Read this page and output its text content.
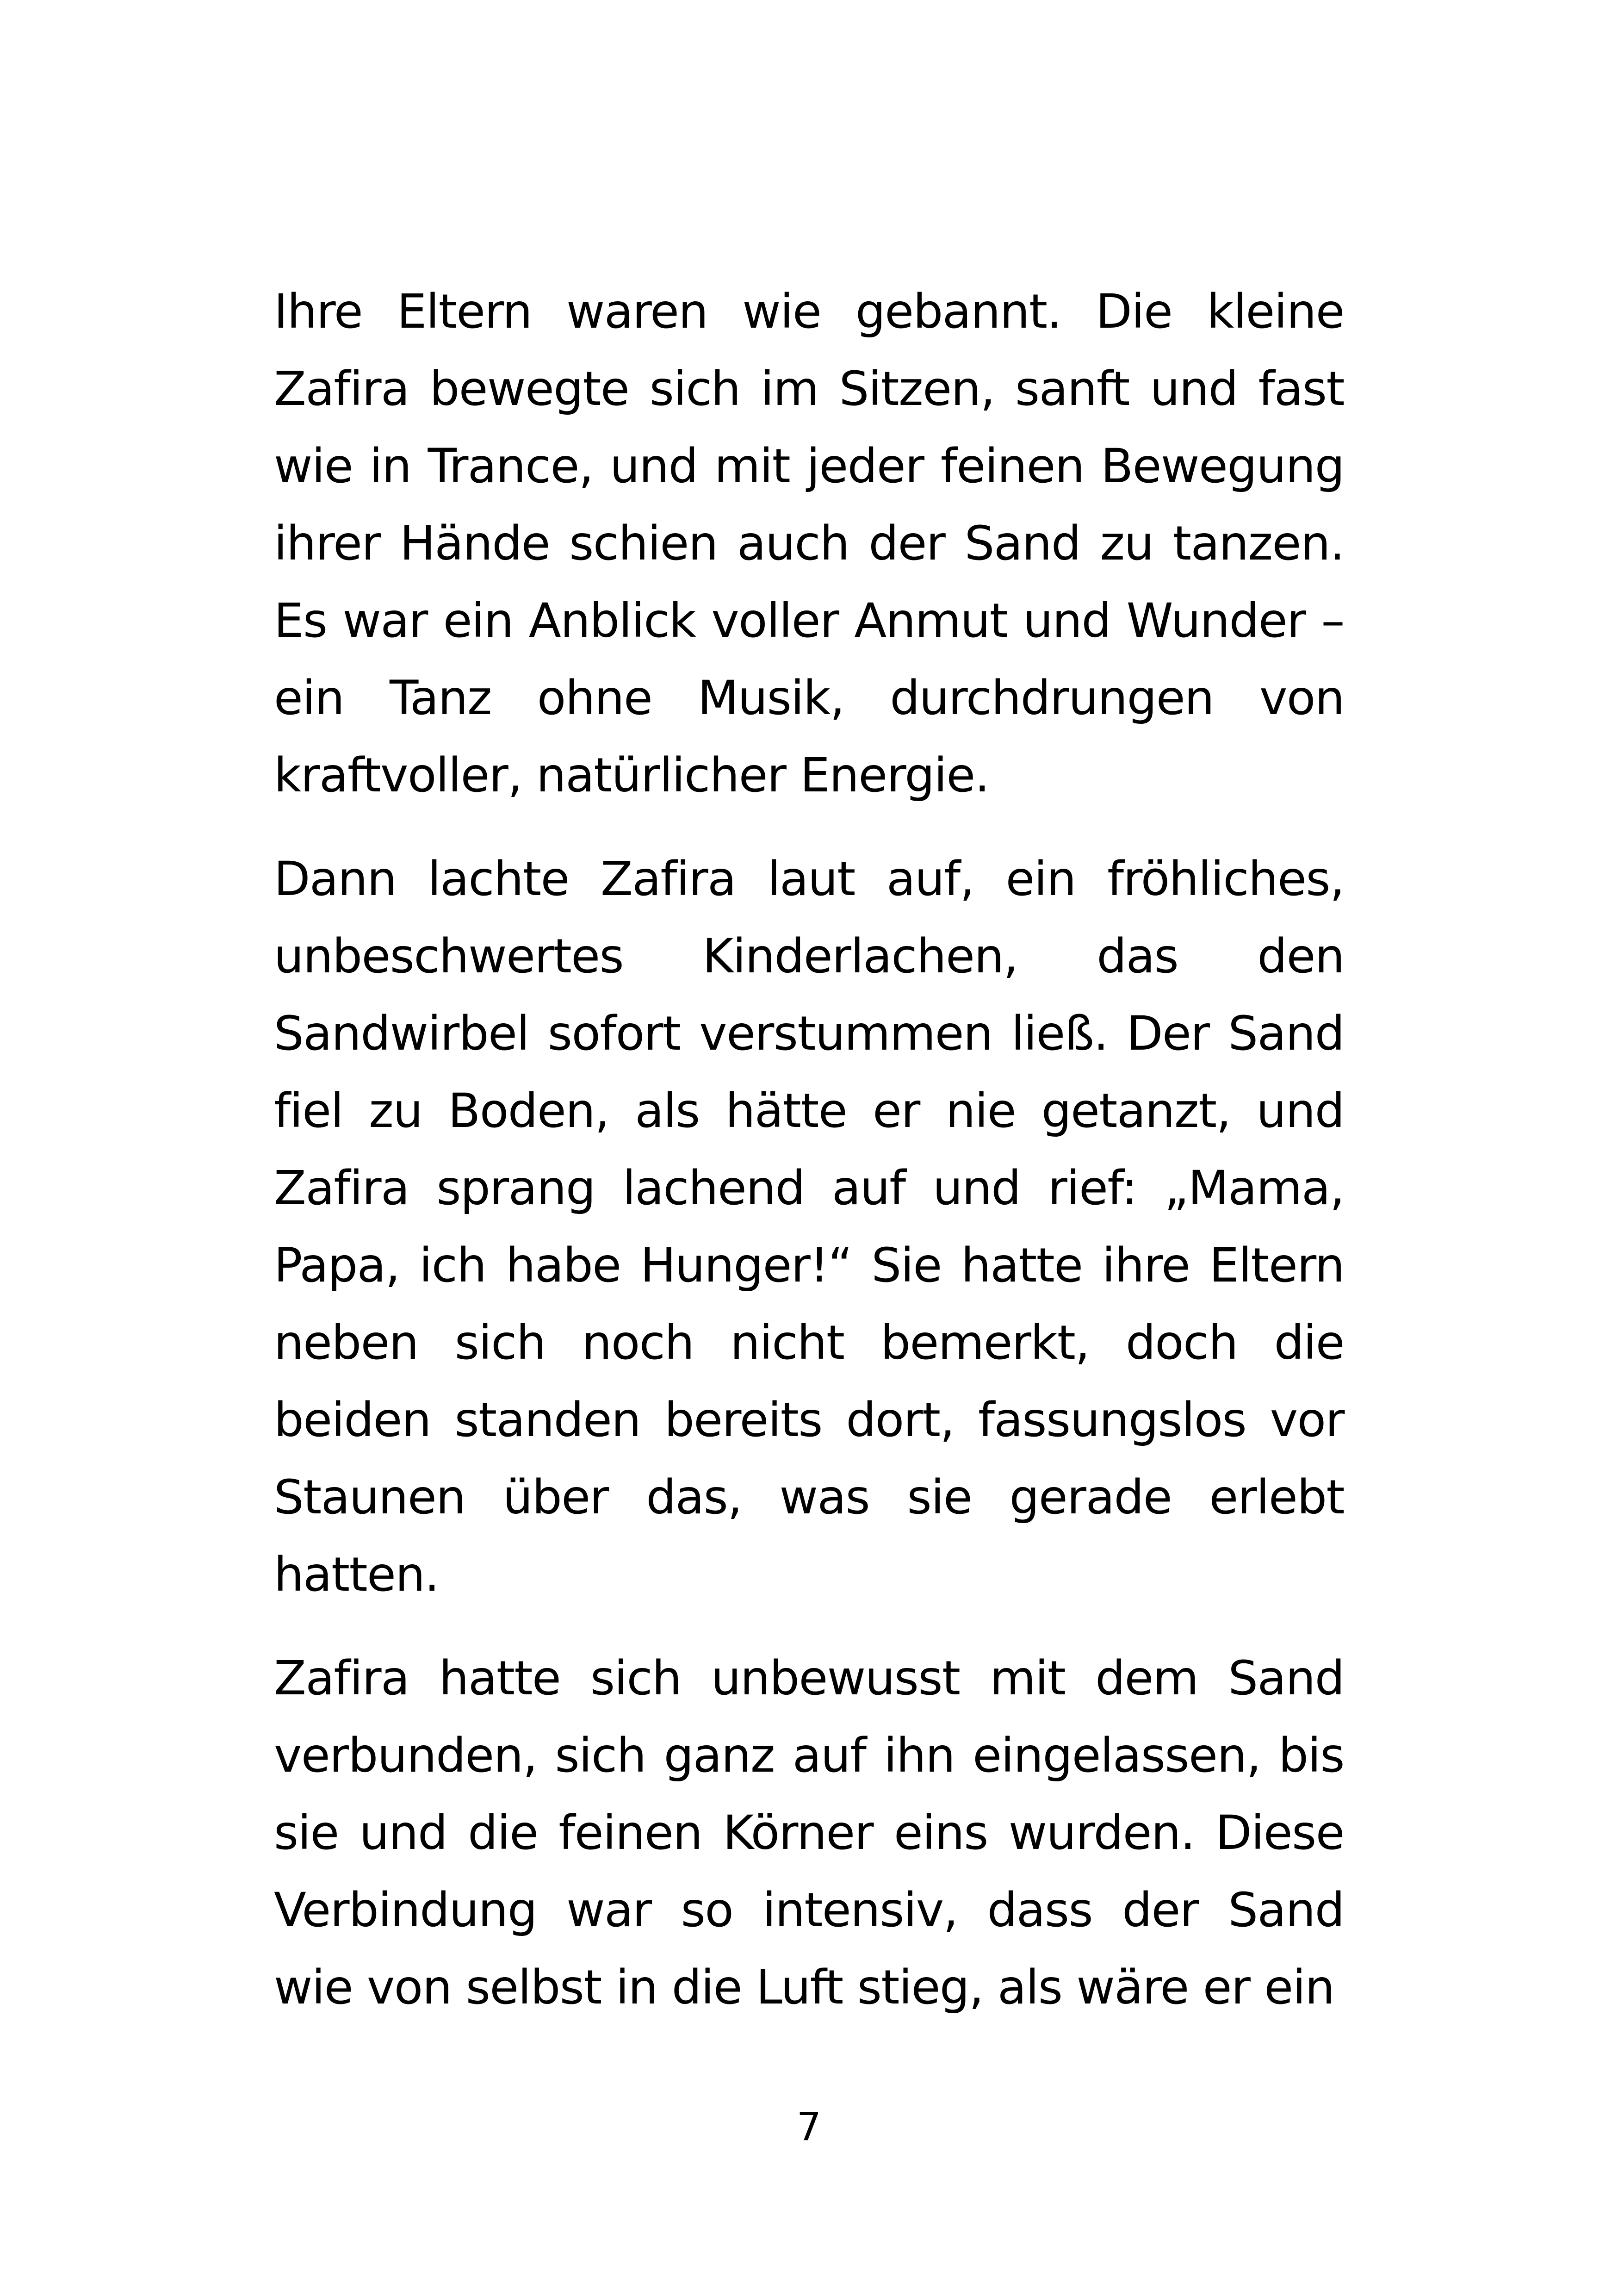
Ihre Eltern waren wie gebannt. Die kleine Zafira bewegte sich im Sitzen, sanft und fast wie in Trance, und mit jeder feinen Bewegung ihrer Hände schien auch der Sand zu tanzen. Es war ein Anblick voller Anmut und Wunder – ein Tanz ohne Musik, durchdrungen von kraftvoller, natürlicher Energie.

Dann lachte Zafira laut auf, ein fröhliches, unbeschwertes Kinderlachen, das den Sandwirbel sofort verstummen ließ. Der Sand fiel zu Boden, als hätte er nie getanzt, und Zafira sprang lachend auf und rief: „Mama, Papa, ich habe Hunger!“ Sie hatte ihre Eltern neben sich noch nicht bemerkt, doch die beiden standen bereits dort, fassungslos vor Staunen über das, was sie gerade erlebt hatten.

Zafira hatte sich unbewusst mit dem Sand verbunden, sich ganz auf ihn eingelassen, bis sie und die feinen Körner eins wurden. Diese Verbindung war so intensiv, dass der Sand wie von selbst in die Luft stieg, als wäre er ein

7
